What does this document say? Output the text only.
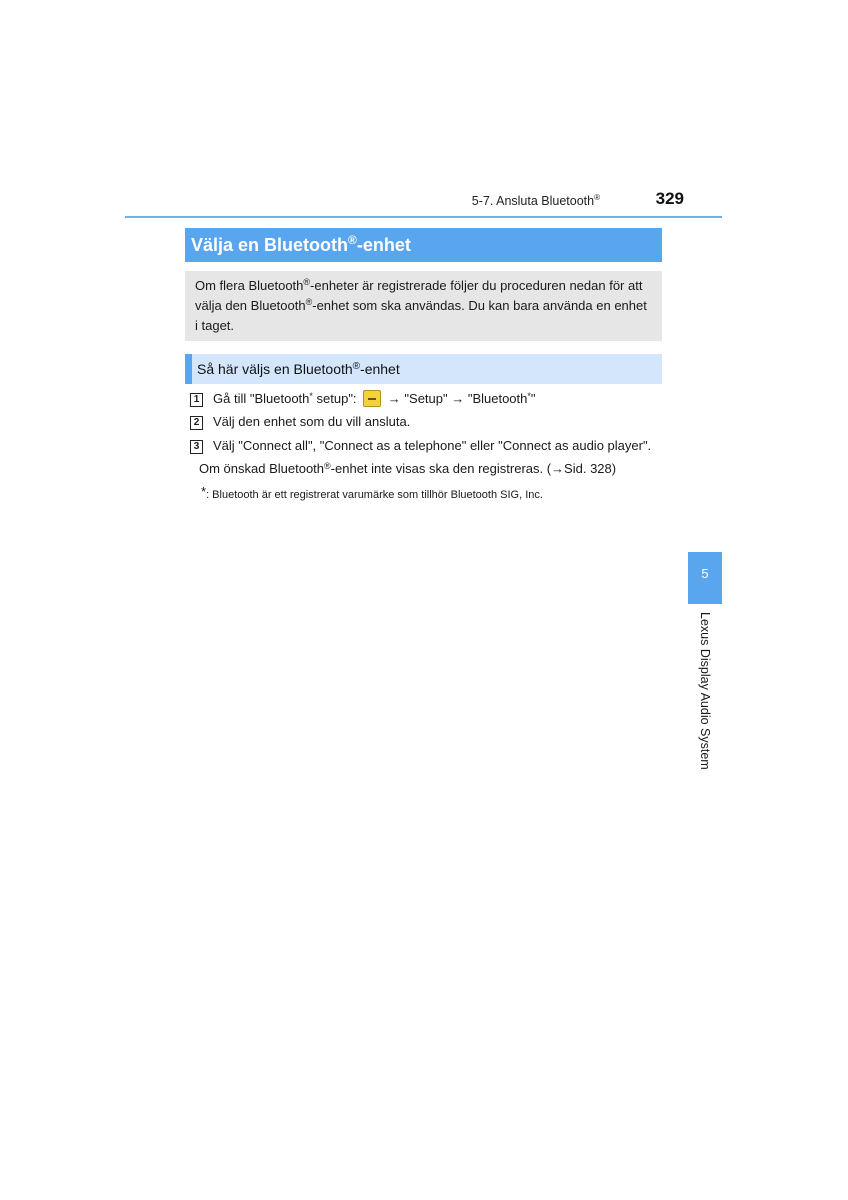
5-7. Ansluta Bluetooth®	329
Välja en Bluetooth®-enhet
Om flera Bluetooth®-enheter är registrerade följer du proceduren nedan för att välja den Bluetooth®-enhet som ska användas. Du kan bara använda en enhet i taget.
Så här väljs en Bluetooth®-enhet
1 Gå till "Bluetooth* setup": → "Setup" → "Bluetooth*"
2 Välj den enhet som du vill ansluta.
3 Välj "Connect all", "Connect as a telephone" eller "Connect as audio player".
Om önskad Bluetooth®-enhet inte visas ska den registreras. (→Sid. 328)
*: Bluetooth är ett registrerat varumärke som tillhör Bluetooth SIG, Inc.
5
Lexus Display Audio System
